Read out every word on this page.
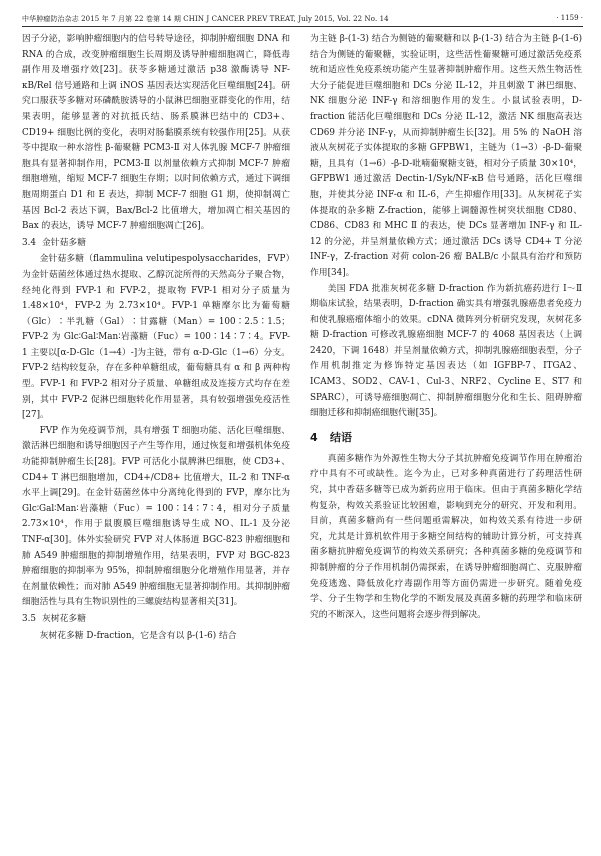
中华肿瘤防治杂志 2015 年 7 月第 22 卷第 14 期 CHIN J CANCER PREV TREAT, July 2015, Vol. 22 No. 14	· 1159 ·

因子分泌，影响肿瘤细胞内的信号转导途径，抑制肿瘤细胞 DNA 和 RNA 的合成，改变肿瘤细胞生长周期及诱导肿瘤细胞凋亡，降低毒副作用及增强疗效[23]。获苓多糖通过激活 p38 激酶诱导 NF-κB/Rel 信号通路和上调 iNOS 基因表达实现活化巨噬细胞[24]。研究口服获苓多糖对环磷酰胺诱导的小鼠淋巴细胞亚群变化的作用，结果表明，能够显著的对抗抵氏结、肠系膜淋巴结中的 CD3+、CD19+ 细胞比例的变化，表明对肠黏膜系统有较强作用[25]。从获苓中提取一种水溶性 β-葡聚糖 PCM3-Ⅱ 对人体乳腺 MCF-7 肿瘤细胞具有显著抑制作用，PCM3-Ⅱ 以剂量依赖方式抑制 MCF-7 肿瘤细胞增殖，缩短 MCF-7 细胞生存期；以时间依赖方式，通过下调细胞周期蛋白 D1 和 E 表达，抑制 MCF-7 细胞 G1 期，使抑制凋亡基因 Bcl-2 表达下调，Bax/Bcl-2 比值增大，增加凋亡相关基因的 Bax 的表达，诱导 MCF-7 肿瘤细胞凋亡[26]。

3.4 金针菇多糖

金针菇多糖（flammulina velutipespolysaccharides，FVP）为金针菇菌丝体通过热水提取、乙醇沉淀所得的天然高分子聚合物，经纯化得到 FVP-1 和 FVP-2，提取物 FVP-1 相对分子质量为 1.48×10⁴，FVP-2 为 2.73×10⁴。FVP-1 单糖摩尔比为葡萄糖（Glc）∶半乳糖（Gal）∶甘露糖（Man）= 100∶2.5∶1.5；FVP-2 为 Glc∶Gal∶Man∶岩藻糖（Fuc）= 100∶14∶7∶4。FVP-1 主要以[α-D-Glc（1→4）-]为主链，带有 α-D-Glc（1→6）分支。FVP-2 结构较复杂，存在多种单糖组成，葡萄糖具有 α 和 β 两种构型。FVP-1 和 FVP-2 相对分子质量、单糖组成及连接方式均存在差别，其中 FVP-2 促淋巴细胞转化作用显著，具有较强增强免疫活性[27]。

FVP 作为免疫调节剂，具有增强 T 细胞功能、活化巨噬细胞、激活淋巴细胞和诱导细胞因子产生等作用，通过恢复和增强机体免疫功能抑制肿瘤生长[28]。FVP 可活化小鼠脾淋巴细胞，使 CD3+、CD4+ T 淋巴细胞增加，CD4+/CD8+ 比值增大，IL-2 和 TNF-α 水平上调[29]。在金针菇菌丝体中分离纯化得到的 FVP，摩尔比为 Glc∶Gal∶Man∶岩藻糖（Fuc）= 100∶14∶7∶4，相对分子质量 2.73×10⁴，作用于鼠腹膜巨噬细胞诱导生成 NO、IL-1 及分泌 TNF-α[30]。体外实验研究 FVP 对人体肠道 BGC-823 肿瘤细胞和肺 A549 肿瘤细胞的抑制增殖作用，结果表明，FVP 对 BGC-823 肿瘤细胞的抑制率为 95%，抑制肿瘤细胞分化增殖作用显著，并存在剂量依赖性；而对肺 A549 肿瘤细胞无显著抑制作用。其抑制肿瘤细胞活性与具有生物识别性的三螺旋结构显著相关[31]。

3.5 灰树花多糖

灰树花多糖 D-fraction，它是含有以 β-(1-6) 结合

为主链 β-(1-3) 结合为侧链的葡聚糖和以 β-(1-3) 结合为主链 β-(1-6) 结合为侧链的葡聚糖，实验证明，这些活性葡聚糖可通过激活免疫系统和适应性免疫系统功能产生显著抑制肿瘤作用。这些天然生物活性大分子能促进巨噬细胞和 DCs 分泌 IL-12，并且刺激 T 淋巴细胞、NK 细胞分泌 INF-γ 和溶细胞作用的发生。小鼠试验表明，D-fraction 能活化巨噬细胞和 DCs 分泌 IL-12，激活 NK 细胞高表达 CD69 并分泌 INF-γ，从而抑制肿瘤生长[32]。用 5% 的 NaOH 溶液从灰树花子实体提取的多糖 GFPBW1，主链为（1→3）-β-D-葡聚糖，且具有（1→6）-β-D-吡喃葡聚糖支链，相对分子质量 30×10⁴，GFPBW1 通过激活 Dectin-1/Syk/NF-κB 信号通路，活化巨噬细胞，并使其分泌 INF-α 和 IL-6，产生抑瘤作用[33]。从灰树花子实体提取的杂多糖 Z-fraction，能够上调髓源性树突状细胞 CD80、CD86、CD83 和 MHC Ⅱ 的表达，使 DCs 显著增加 INF-γ 和 IL-12 的分泌，并呈剂量依赖方式；通过激活 DCs 诱导 CD4+ T 分泌 INF-γ，Z-fraction 对荷 colon-26 瘤 BALB/c 小鼠具有治疗和预防作用[34]。

美国 FDA 批准灰树花多糖 D-fraction 作为新抗癌药进行 Ⅰ～Ⅱ 期临床试验，结果表明，D-fraction 确实具有增强乳腺癌患者免疫力和使乳腺癌瘤体缩小的效果。cDNA 微阵列分析研究发现，灰树花多糖 D-fraction 可修改乳腺癌细胞 MCF-7 的 4068 基因表达（上调 2420，下调 1648）并呈剂量依赖方式，抑制乳腺癌细胞表型，分子作用机制推定为修饰特定基因表达（如 IGFBP-7、ITGA2、ICAM3、SOD2、CAV-1、Cul-3、NRF2、Cycline E、ST7 和 SPARC），可诱导癌细胞凋亡、抑制肿瘤细胞分化和生长、阻碍肿瘤细胞迁移和抑制癌细胞代谢[35]。

4 结语

真菌多糖作为外源性生物大分子其抗肿瘤免疫调节作用在肿瘤治疗中具有不可或缺性。迄今为止，已对多种真菌进行了药理活性研究，其中香菇多糖等已成为新药应用于临床。但由于真菌多糖化学结构复杂，构效关系验证比较困难，影响到充分的研究、开发和利用。目前，真菌多糖尚有一些问题亟需解决，如构效关系有待进一步研究，尤其是计算机软件用于多糖空间结构的辅助计算分析，可支持真菌多糖抗肿瘤免疫调节的构效关系研究；各种真菌多糖的免疫调节和抑制肿瘤的分子作用机制仍需探索，在诱导肿瘤细胞凋亡、克服肿瘤免疫逃逸、降低放化疗毒副作用等方面仍需进一步研究。随着免疫学、分子生物学和生物化学的不断发展及真菌多糖的药理学和临床研究的不断深入，这些问题将会逐步得到解决。
